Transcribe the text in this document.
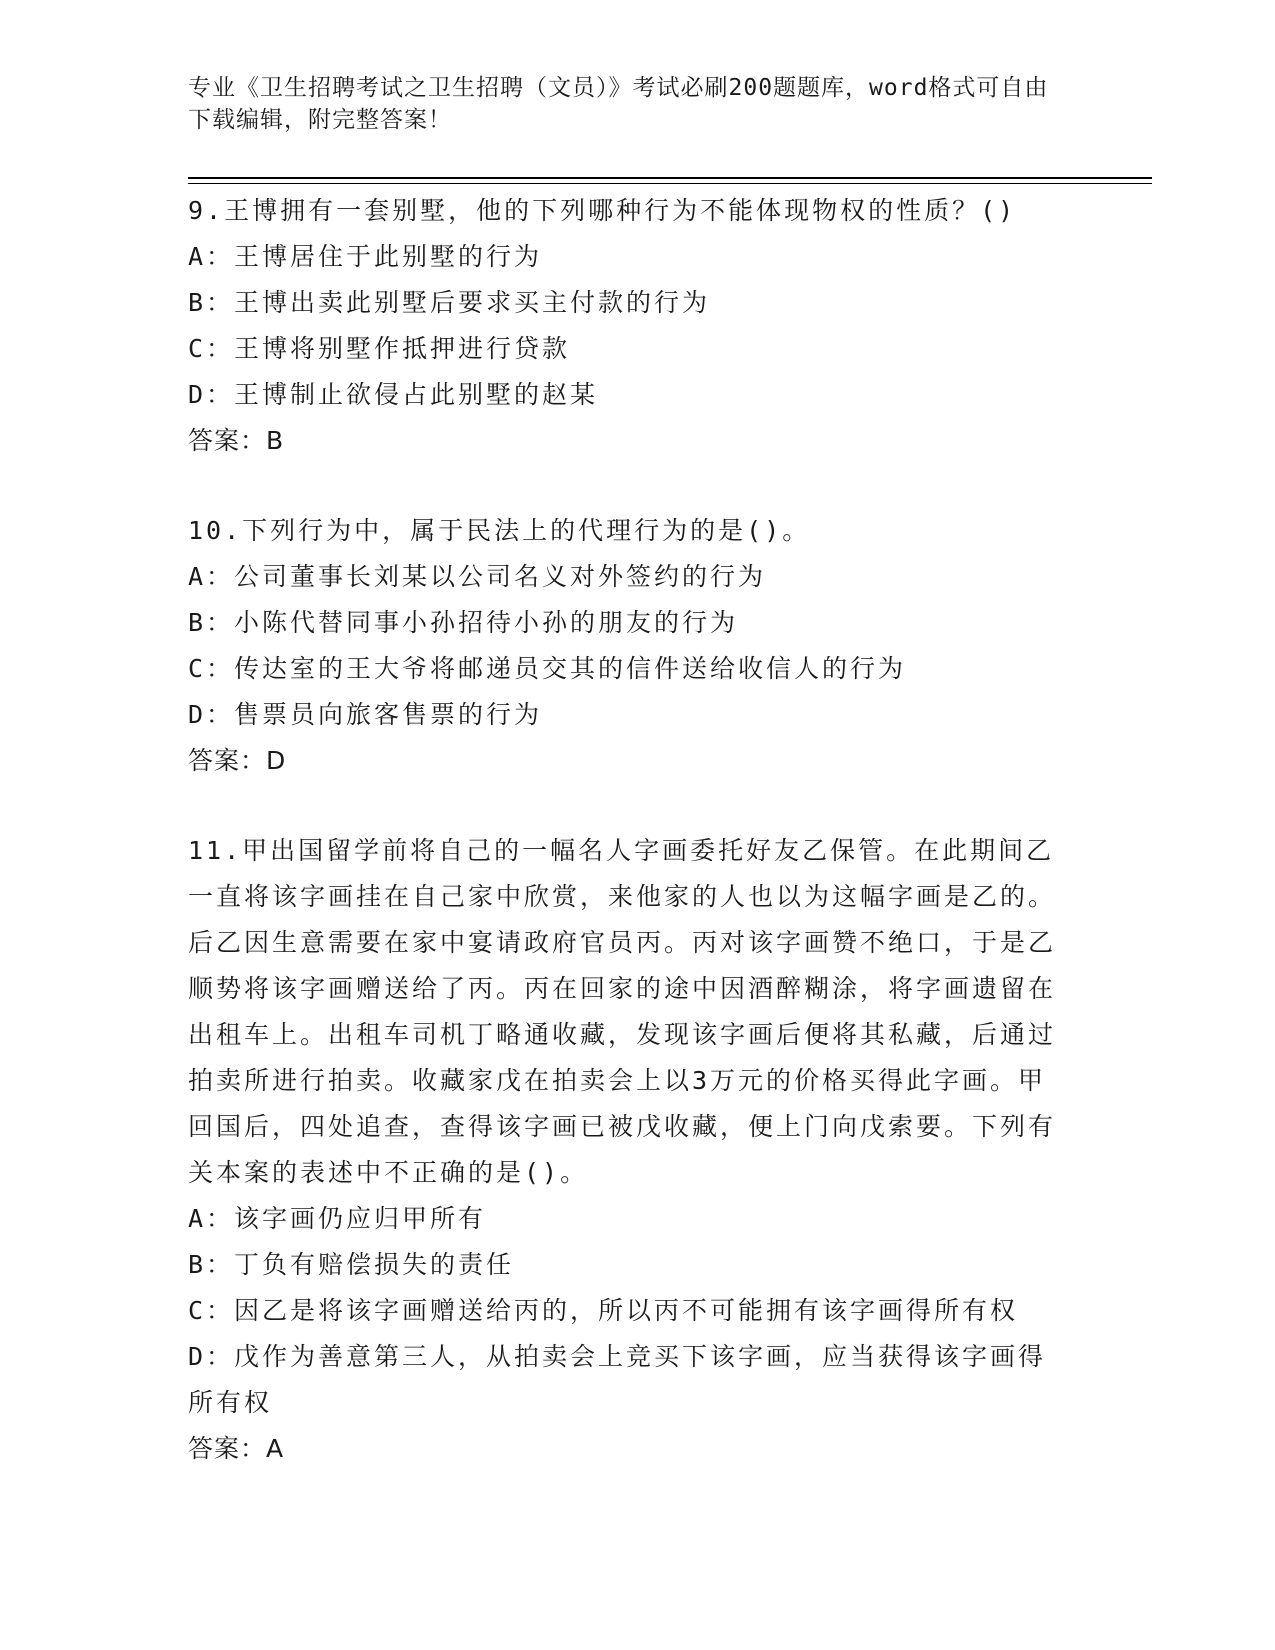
专业《卫生招聘考试之卫生招聘（文员）》考试必刷200题题库，word格式可自由下载编辑，附完整答案！

9.王博拥有一套别墅，他的下列哪种行为不能体现物权的性质？()

A：王博居住于此别墅的行为

B：王博出卖此别墅后要求买主付款的行为

C：王博将别墅作抵押进行贷款

D：王博制止欲侵占此别墅的赵某

答案：B

10.下列行为中，属于民法上的代理行为的是()。

A：公司董事长刘某以公司名义对外签约的行为

B：小陈代替同事小孙招待小孙的朋友的行为

C：传达室的王大爷将邮递员交其的信件送给收信人的行为

D：售票员向旅客售票的行为

答案：D

11.甲出国留学前将自己的一幅名人字画委托好友乙保管。在此期间乙一直将该字画挂在自己家中欣赏，来他家的人也以为这幅字画是乙的。后乙因生意需要在家中宴请政府官员丙。丙对该字画赞不绝口，于是乙顺势将该字画赠送给了丙。丙在回家的途中因酒醉糊涂，将字画遗留在出租车上。出租车司机丁略通收藏，发现该字画后便将其私藏，后通过拍卖所进行拍卖。收藏家戊在拍卖会上以3万元的价格买得此字画。甲回国后，四处追查，查得该字画已被戊收藏，便上门向戊索要。下列有关本案的表述中不正确的是()。

A：该字画仍应归甲所有

B：丁负有赔偿损失的责任

C：因乙是将该字画赠送给丙的，所以丙不可能拥有该字画得所有权

D：戊作为善意第三人，从拍卖会上竞买下该字画，应当获得该字画得所有权

答案：A
